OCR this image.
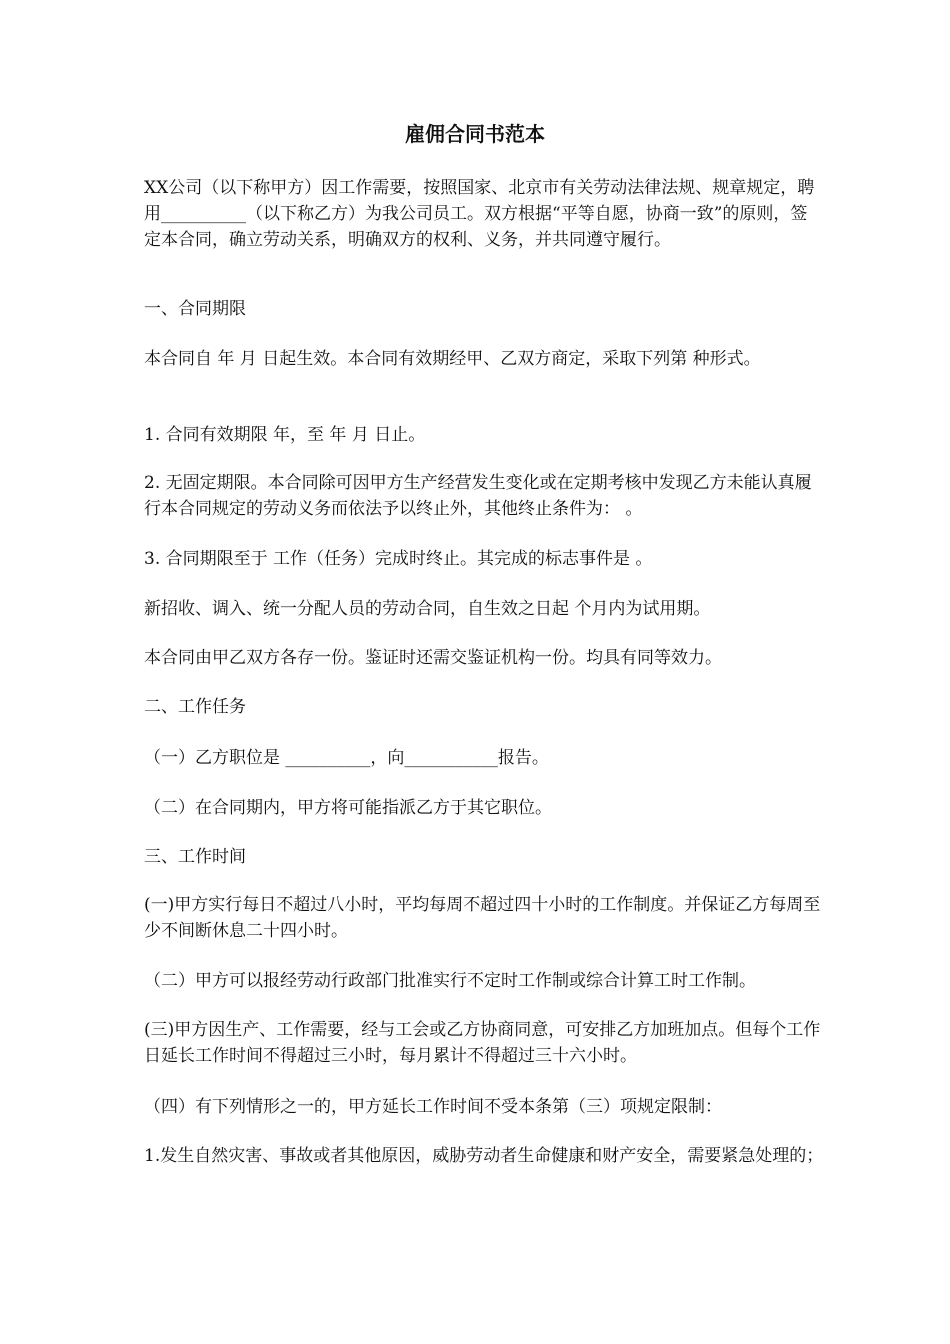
雇佣合同书范本
XX公司（以下称甲方）因工作需要，按照国家、北京市有关劳动法律法规、规章规定，聘用__________（以下称乙方）为我公司员工。双方根据“平等自愿，协商一致”的原则，签定本合同，确立劳动关系，明确双方的权利、义务，并共同遵守履行。
一、合同期限
本合同自 年 月 日起生效。本合同有效期经甲、乙双方商定，采取下列第 种形式。
1. 合同有效期限 年，至 年 月 日止。
2. 无固定期限。本合同除可因甲方生产经营发生变化或在定期考核中发现乙方未能认真履行本合同规定的劳动义务而依法予以终止外，其他终止条件为： 。
3. 合同期限至于 工作（任务）完成时终止。其完成的标志事件是 。
新招收、调入、统一分配人员的劳动合同，自生效之日起 个月内为试用期。
本合同由甲乙双方各存一份。鉴证时还需交鉴证机构一份。均具有同等效力。
二、工作任务
（一）乙方职位是 __________，向___________报告。
（二）在合同期内，甲方将可能指派乙方于其它职位。
三、工作时间
(一)甲方实行每日不超过八小时，平均每周不超过四十小时的工作制度。并保证乙方每周至少不间断休息二十四小时。
（二）甲方可以报经劳动行政部门批准实行不定时工作制或综合计算工时工作制。
(三)甲方因生产、工作需要，经与工会或乙方协商同意，可安排乙方加班加点。但每个工作日延长工作时间不得超过三小时，每月累计不得超过三十六小时。
（四）有下列情形之一的，甲方延长工作时间不受本条第（三）项规定限制：
1.发生自然灾害、事故或者其他原因，威胁劳动者生命健康和财产安全，需要紧急处理的；
